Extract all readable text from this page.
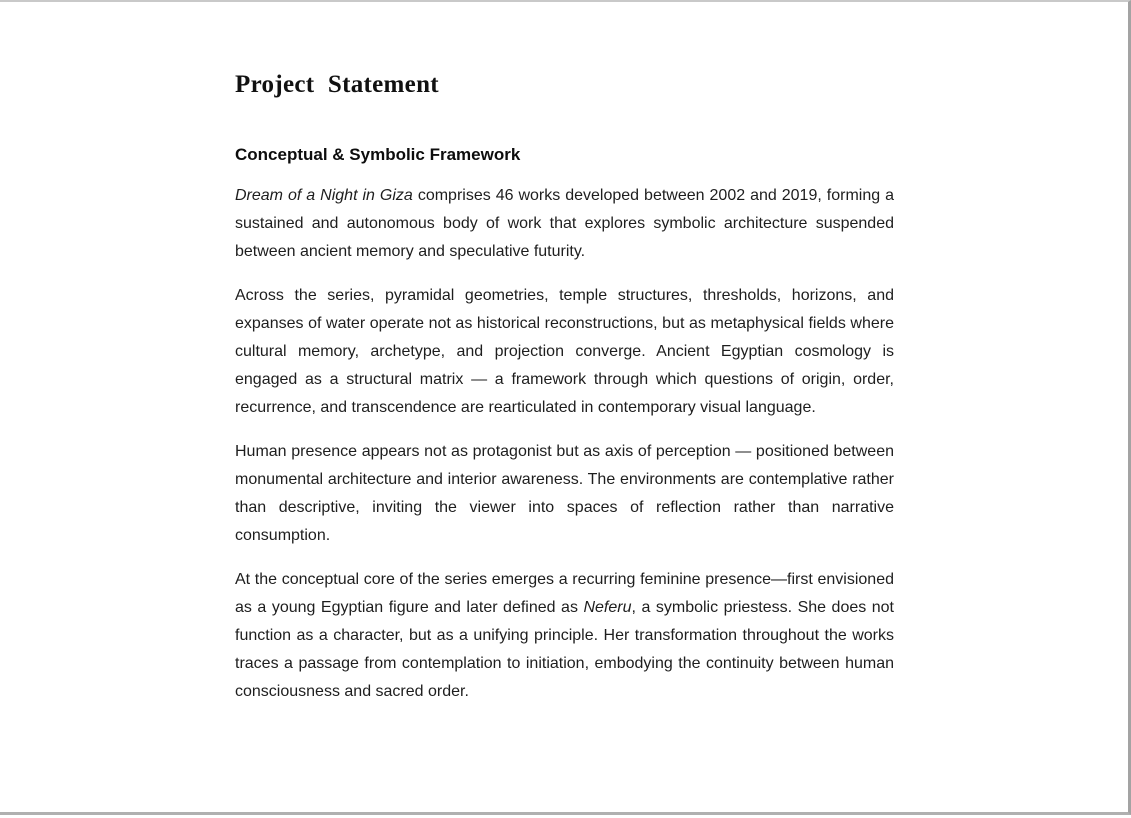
Project Statement
Conceptual & Symbolic Framework

Dream of a Night in Giza comprises 46 works developed between 2002 and 2019, forming a sustained and autonomous body of work that explores symbolic architecture suspended between ancient memory and speculative futurity.

Across the series, pyramidal geometries, temple structures, thresholds, horizons, and expanses of water operate not as historical reconstructions, but as metaphysical fields where cultural memory, archetype, and projection converge. Ancient Egyptian cosmology is engaged as a structural matrix — a framework through which questions of origin, order, recurrence, and transcendence are rearticulated in contemporary visual language.

Human presence appears not as protagonist but as axis of perception — positioned between monumental architecture and interior awareness. The environments are contemplative rather than descriptive, inviting the viewer into spaces of reflection rather than narrative consumption.

At the conceptual core of the series emerges a recurring feminine presence—first envisioned as a young Egyptian figure and later defined as Neferu, a symbolic priestess. She does not function as a character, but as a unifying principle. Her transformation throughout the works traces a passage from contemplation to initiation, embodying the continuity between human consciousness and sacred order.
